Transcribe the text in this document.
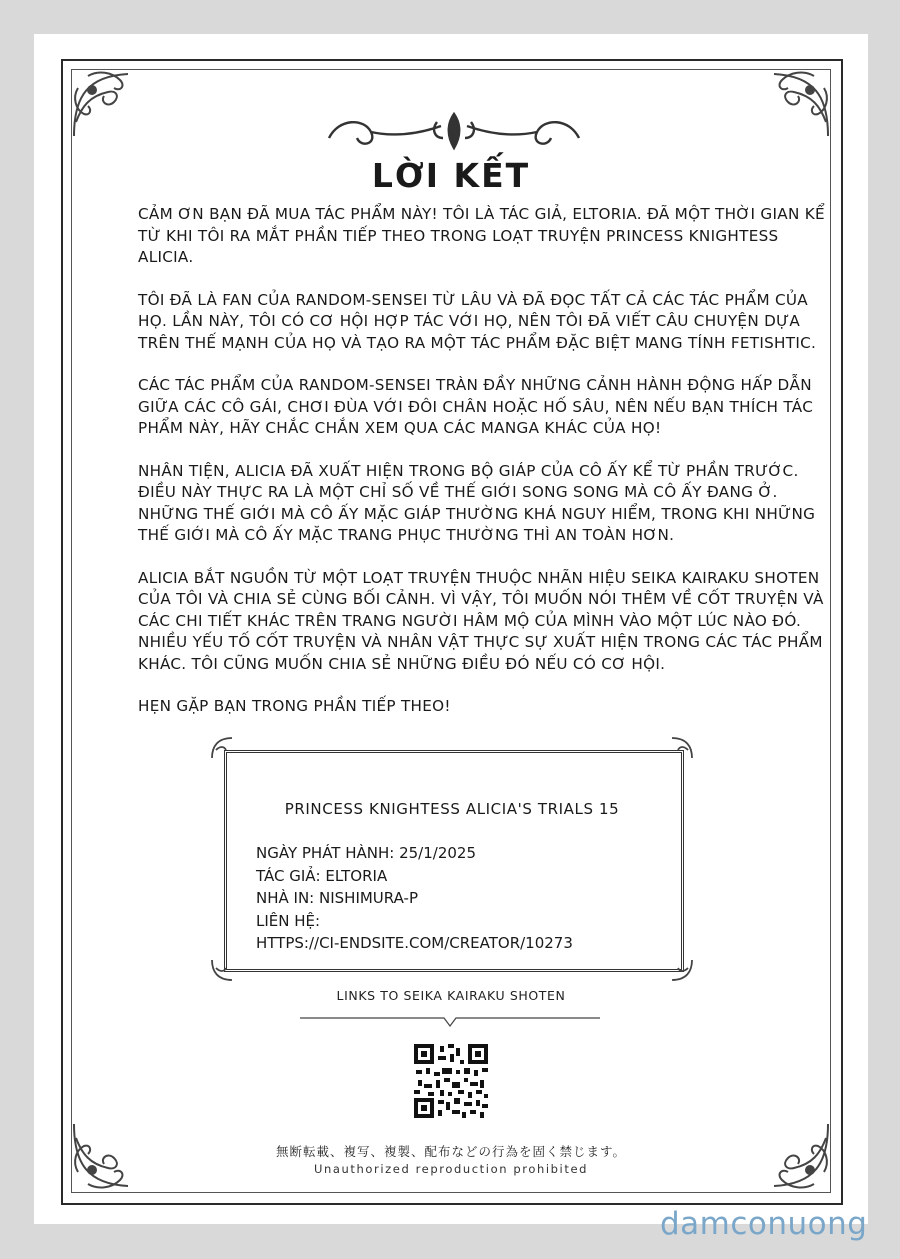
LỜI KẾT

CẢM ƠN BẠN ĐÃ MUA TÁC PHẨM NÀY! TÔI LÀ TÁC GIẢ, ELTORIA. ĐÃ MỘT THỜI GIAN KỂ TỪ KHI TÔI RA MẮT PHẦN TIẾP THEO TRONG LOẠT TRUYỆN PRINCESS KNIGHTESS ALICIA.

TÔI ĐÃ LÀ FAN CỦA RANDOM-SENSEI TỪ LÂU VÀ ĐÃ ĐỌC TẤT CẢ CÁC TÁC PHẨM CỦA HỌ. LẦN NÀY, TÔI CÓ CƠ HỘI HỢP TÁC VỚI HỌ, NÊN TÔI ĐÃ VIẾT CÂU CHUYỆN DỰA TRÊN THẾ MẠNH CỦA HỌ VÀ TẠO RA MỘT TÁC PHẨM ĐẶC BIỆT MANG TÍNH FETISHTIC.

CÁC TÁC PHẨM CỦA RANDOM-SENSEI TRÀN ĐẦY NHỮNG CẢNH HÀNH ĐỘNG HẤP DẪN GIỮA CÁC CÔ GÁI, CHƠI ĐÙA VỚI ĐÔI CHÂN HOẶC HỐ SÂU, NÊN NẾU BẠN THÍCH TÁC PHẨM NÀY, HÃY CHẮC CHẮN XEM QUA CÁC MANGA KHÁC CỦA HỌ!

NHÂN TIỆN, ALICIA ĐÃ XUẤT HIỆN TRONG BỘ GIÁP CỦA CÔ ẤY KỂ TỪ PHẦN TRƯỚC. ĐIỀU NÀY THỰC RA LÀ MỘT CHỈ SỐ VỀ THẾ GIỚI SONG SONG MÀ CÔ ẤY ĐANG Ở. NHỮNG THẾ GIỚI MÀ CÔ ẤY MẶC GIÁP THƯỜNG KHÁ NGUY HIỂM, TRONG KHI NHỮNG THẾ GIỚI MÀ CÔ ẤY MẶC TRANG PHỤC THƯỜNG THÌ AN TOÀN HƠN.

ALICIA BẮT NGUỒN TỪ MỘT LOẠT TRUYỆN THUỘC NHÃN HIỆU SEIKA KAIRAKU SHOTEN CỦA TÔI VÀ CHIA SẺ CÙNG BỐI CẢNH. VÌ VẬY, TÔI MUỐN NÓI THÊM VỀ CỐT TRUYỆN VÀ CÁC CHI TIẾT KHÁC TRÊN TRANG NGƯỜI HÂM MỘ CỦA MÌNH VÀO MỘT LÚC NÀO ĐÓ. NHIỀU YẾU TỐ CỐT TRUYỆN VÀ NHÂN VẬT THỰC SỰ XUẤT HIỆN TRONG CÁC TÁC PHẨM KHÁC. TÔI CŨNG MUỐN CHIA SẺ NHỮNG ĐIỀU ĐÓ NẾU CÓ CƠ HỘI.

HẸN GẶP BẠN TRONG PHẦN TIẾP THEO!

PRINCESS KNIGHTESS ALICIA'S TRIALS 15
NGÀY PHÁT HÀNH: 25/1/2025
TÁC GIẢ: ELTORIA
NHÀ IN: NISHIMURA-P
LIÊN HỆ:
HTTPS://CI-ENDSITE.COM/CREATOR/10273
LINKS TO SEIKA KAIRAKU SHOTEN
無断転載、複写、複製、配布などの行為を固く禁じます。
Unauthorized reproduction prohibited
damconuong
